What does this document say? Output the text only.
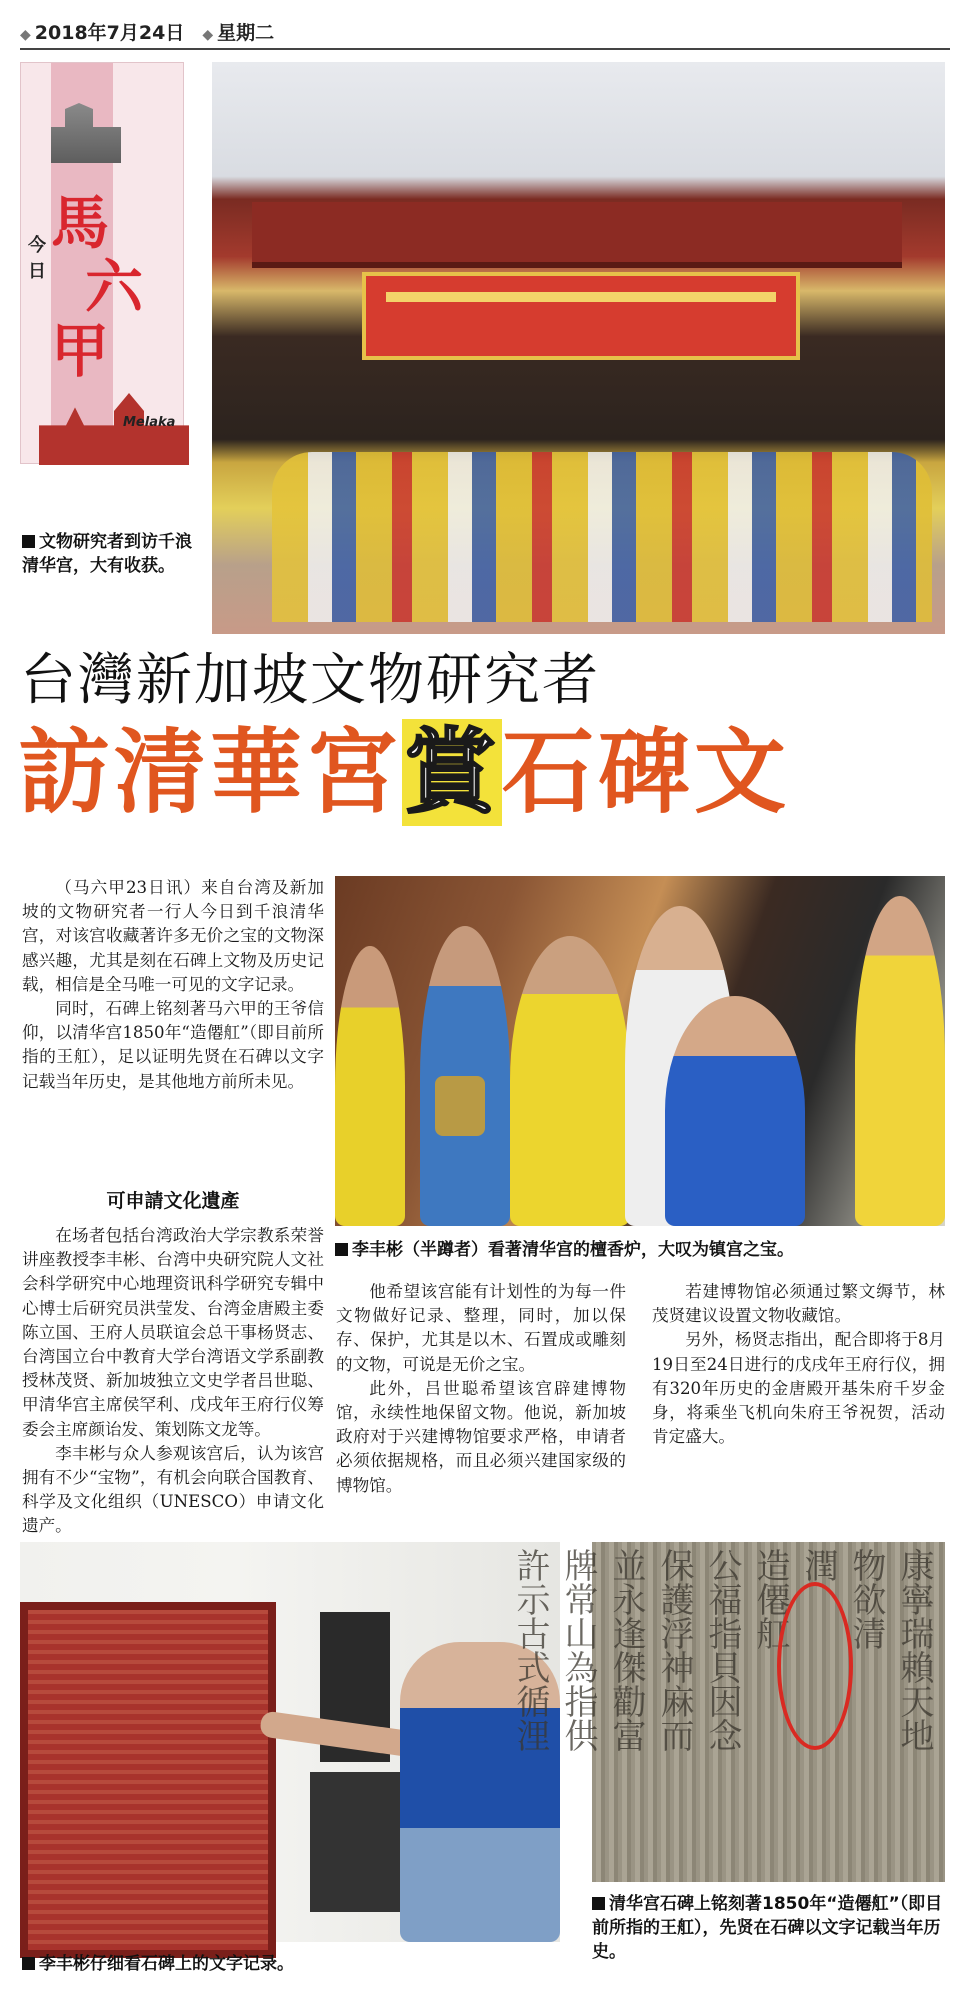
◆ 2018年7月24日 ◆ 星期二
今日
馬
六
甲
Melaka
文物研究者到访千浪清华宫，大有收获。
台灣新加坡文物研究者
訪清華宮賞石碑文

（马六甲23日讯）来自台湾及新加坡的文物研究者一行人今日到千浪清华宫，对该宫收藏著许多无价之宝的文物深感兴趣，尤其是刻在石碑上文物及历史记载，相信是全马唯一可见的文字记录。

同时，石碑上铭刻著马六甲的王爷信仰，以清华宫1850年“造僊舡”（即目前所指的王舡），足以证明先贤在石碑以文字记载当年历史，是其他地方前所未见。

可申請文化遺產

在场者包括台湾政治大学宗教系荣誉讲座教授李丰彬、台湾中央研究院人文社会科学研究中心地理资讯科学研究专辑中心博士后研究员洪莹发、台湾金唐殿主委陈立国、王府人员联谊会总干事杨贤志、台湾国立台中教育大学台湾语文学系副教授林茂贤、新加坡独立文史学者吕世聪、甲清华宫主席侯罕利、戊戌年王府行仪筹委会主席颜诒发、策划陈文龙等。

李丰彬与众人参观该宫后，认为该宫拥有不少“宝物”，有机会向联合国教育、科学及文化组织（UNESCO）申请文化遗产。

李丰彬（半蹲者）看著清华宫的檀香炉，大叹为镇宫之宝。

他希望该宫能有计划性的为每一件文物做好记录、整理，同时，加以保存、保护，尤其是以木、石置成或雕刻的文物，可说是无价之宝。

此外，吕世聪希望该宫辟建博物馆，永续性地保留文物。他说，新加坡政府对于兴建博物馆要求严格，申请者必须依据规格，而且必须兴建国家级的博物馆。

若建博物馆必须通过繁文缛节，林茂贤建议设置文物收藏馆。

另外，杨贤志指出，配合即将于8月19日至24日进行的戊戌年王府行仪，拥有320年历史的金唐殿开基朱府千岁金身，将乘坐飞机向朱府王爷祝贺，活动肯定盛大。

李丰彬仔细看石碑上的文字记录。
康寧瑞賴天地
物欲清
潤
造僊舡
公福指貝因念
保護浮神麻而
並永逢傑勸富
牌常山為指供
許示古式循浬
清华宫石碑上铭刻著1850年“造僊舡”（即目前所指的王舡），先贤在石碑以文字记载当年历史。
